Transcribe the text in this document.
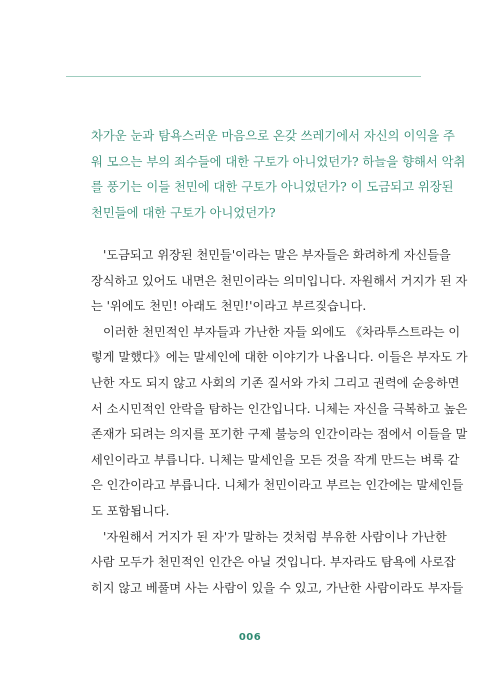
차가운 눈과 탐욕스러운 마음으로 온갖 쓰레기에서 자신의 이익을 주
워 모으는 부의 죄수들에 대한 구토가 아니었던가? 하늘을 향해서 악취
를 풍기는 이들 천민에 대한 구토가 아니었던가? 이 도금되고 위장된
천민들에 대한 구토가 아니었던가?
'도금되고 위장된 천민들'이라는 말은 부자들은 화려하게 자신들을
장식하고 있어도 내면은 천민이라는 의미입니다. 자원해서 거지가 된 자
는 '위에도 천민! 아래도 천민!'이라고 부르짖습니다.
이러한 천민적인 부자들과 가난한 자들 외에도 《차라투스트라는 이
렇게 말했다》에는 말세인에 대한 이야기가 나옵니다. 이들은 부자도 가
난한 자도 되지 않고 사회의 기존 질서와 가치 그리고 권력에 순응하면
서 소시민적인 안락을 탐하는 인간입니다. 니체는 자신을 극복하고 높은
존재가 되려는 의지를 포기한 구제 불능의 인간이라는 점에서 이들을 말
세인이라고 부릅니다. 니체는 말세인을 모든 것을 작게 만드는 벼룩 같
은 인간이라고 부릅니다. 니체가 천민이라고 부르는 인간에는 말세인들
도 포함됩니다.
'자원해서 거지가 된 자'가 말하는 것처럼 부유한 사람이나 가난한
사람 모두가 천민적인 인간은 아닐 것입니다. 부자라도 탐욕에 사로잡
히지 않고 베풀며 사는 사람이 있을 수 있고, 가난한 사람이라도 부자들
006
